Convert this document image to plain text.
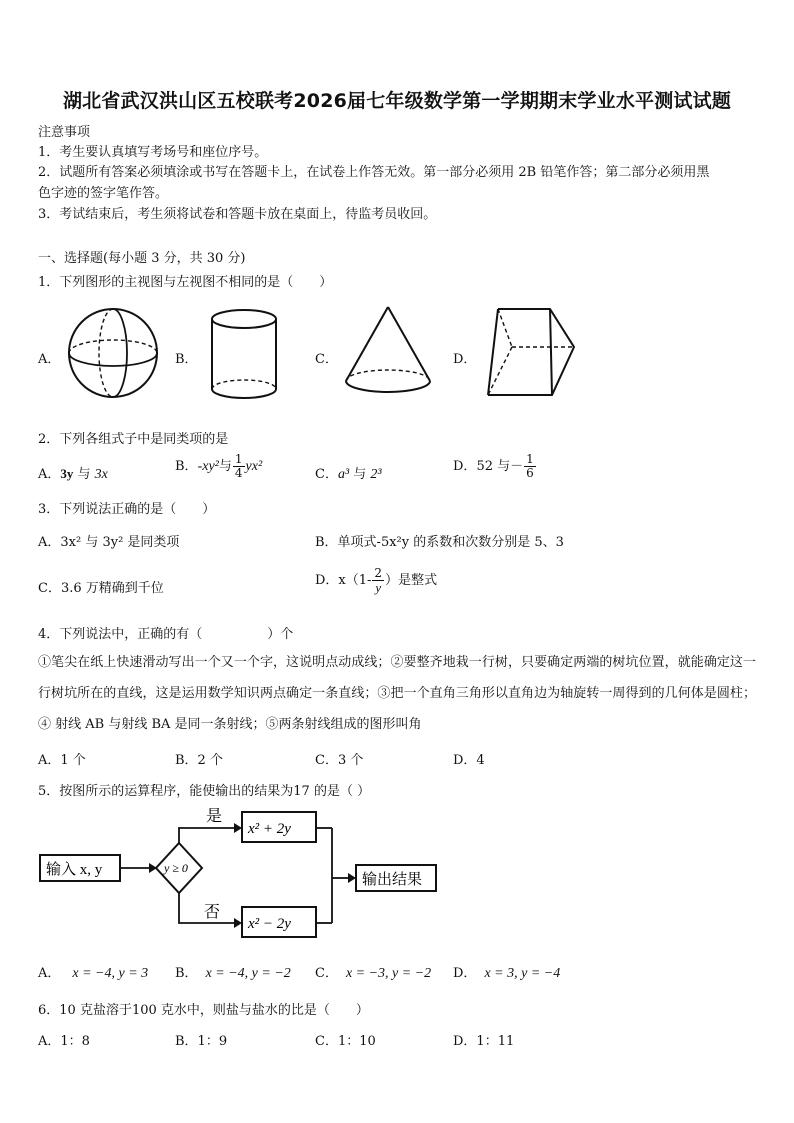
湖北省武汉洪山区五校联考2026届七年级数学第一学期期末学业水平测试试题
注意事项
1．考生要认真填写考场号和座位序号。
2．试题所有答案必须填涂或书写在答题卡上，在试卷上作答无效。第一部分必须用 2B 铅笔作答；第二部分必须用黑
色字迹的签字笔作答。
3．考试结束后，考生须将试卷和答题卡放在桌面上，待监考员收回。
一、选择题(每小题 3 分，共 30 分)
1．下列图形的主视图与左视图不相同的是（　　）
A．	B．	C．	D．
2．下列各组式子中是同类项的是
A．3y 与 3x
B．-xy²与 $\frac{1}{4} yx^2$
C．a³ 与 2³
D．52 与－ $\frac{1}{6}$
3．下列说法正确的是（　　）
A．3x² 与 3y² 是同类项	B．单项式-5x²y 的系数和次数分别是 5、3
C．3.6 万精确到千位
D．$x(1- \frac{2}{y}$ ）是整式
4．下列说法中，正确的有（　　　　　）个
①笔尖在纸上快速滑动写出一个又一个字，这说明点动成线；②要整齐地栽一行树，只要确定两端的树坑位置，就能确定这一行树坑所在的直线，这是运用数学知识两点确定一条直线；③把一个直角三角形以直角边为轴旋转一周得到的几何体是圆柱；④ 射线 AB 与射线 BA 是同一条射线；⑤两条射线组成的图形叫角
A．1 个	B．2 个	C．3 个	D．4
5．按图所示的运算程序，能使输出的结果为17 的是（ ）
输入 x, y	y ≥ 0
是
x² + 2y
否
x² − 2y
输出结果
A． x = −4, y = 3 B． x = −4, y = −2 C． x = −3, y = −2 D． x = 3, y = −4
6．10 克盐溶于100 克水中，则盐与盐水的比是（　　）
A．1：8	B．1：9	C．1：10	D．1：11
